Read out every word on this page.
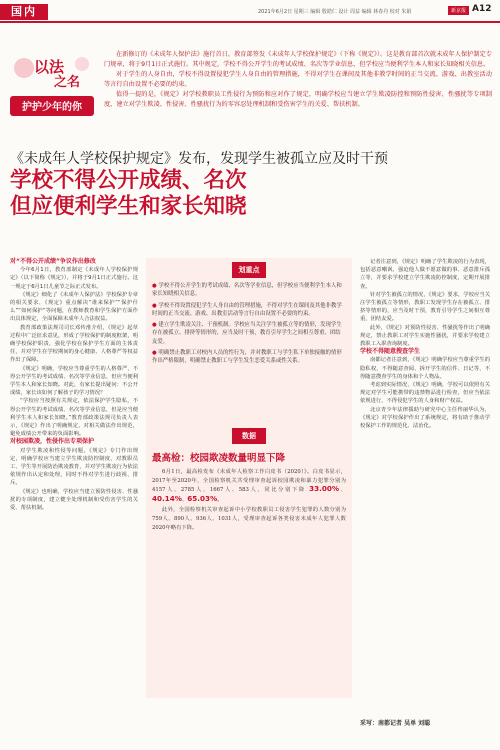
国内	2021年6月2日 星期三 编辑 殷皓仁 设计 周益 编辑 林春丹 校对 朱娟	新京报 A12
以法
之名
护护少年的你

在新修订的《未成年人保护法》施行首日，教育部签发《未成年人学校保护规定》（下称《规定》）。这是教育部首次就未成年人保护制定专门规章，将于9月1日正式施行。其中规定，学校不得公开学生的考试成绩、名次等学业信息，但学校应当便利学生本人和家长知晓相关信息。

对于学生的人身自由，学校不得设置侵犯学生人身自由的管理措施，不得对学生在课间及其他非教学时间的正当交流、游戏、出教室活动等言行自由设置不必要的约束。

值得一提的是，《规定》对学校教职员工性侵行为预防和应对作了规定，明确学校应当建立学生欺凌防控和预防性侵害、性骚扰等专项制度，建立对学生欺凌、性侵害、性骚扰行为的零容忍处理机制和受伤害学生的关爱、帮扶机制。

《未成年人学校保护规定》发布，发现学生被孤立应及时干预
学校不得公开成绩、名次
但应便利学生和家长知晓

对“不得公开成绩”争议作出修改

今年6月1日，教育部制定《未成年人学校保护规定》（以下简称《规定》），并将于9月1日正式施行。这一规定于6月1日儿童节之际正式发布。

《规定》细化了《未成年人保护法》学校保护专章的相关要求，《规定》重点解决“谁来保护”“保护什么”“如何保护”等问题，在教师教育和学生保护方面作出具体规定，全面保障未成年人合法权益。

教育部政策法规司司长邓传淮介绍，《规定》起草过程中广泛征求意见，形成了学校保护的制度框架，明确学校保护职责，强化学校在保护学生方面的主体责任，并对学生在学校期间的身心健康、人格尊严等权益作出了保障。

《规定》明确，学校应当尊重学生的人格尊严，不得公开学生的考试成绩、名次等学业信息，但应当便利学生本人和家长知晓。对此，有家长提出疑问：不公开成绩，家长该如何了解孩子的学习情况？

“学校应当按照有关规定，依法保护学生隐私，不得公开学生的考试成绩、名次等学业信息，但是应当便利学生本人和家长知晓。”教育部政策法规司负责人表示，《规定》作出了明确规定，对相关做法作出规范，避免成绩公开带来的负面影响。

对校园欺凌，性侵作出专项保护

对学生欺凌和性侵等问题，《规定》专门作出规定，明确学校应当建立学生欺凌防控制度，对教职员工、学生等开展防治欺凌教育，并对学生欺凌行为依法依规作出认定和处理，同时不得对学生进行歧视、排斥。

《规定》也明确，学校应当建立预防性侵害、性骚扰的专项制度，建立健全处理机制和受伤害学生的关爱、帮扶机制。

划重点
● 学校不得公开学生的考试成绩、名次等学业信息，但学校应当便利学生本人和家长知晓相关信息。
● 学校不得设置侵犯学生人身自由的管理措施，不得对学生在课间及其他非教学时间的正当交流、游戏、出教室活动等言行自由设置不必要的约束。
● 建立学生欺凌关注、干预机制。学校应当关注学生被孤立等的情形，发现学生存在被孤立、排挤等情形的，应当及时干预，教育引导学生之间相互尊重、团结友爱。
● 明确禁止教职工对校内人员的性行为，并对教职工与学生私下单独接触的情形作出严格限制，明确禁止教职工与学生发生恋爱关系或性关系。
数据
最高检：校园欺凌数量明显下降

6月1日，最高检发布《未成年人检察工作白皮书（2020）》。白皮书显示，2017年至2020年，全国检察机关共受理审查起诉校园欺凌和暴力犯罪分别为4157人、2785人、1667人、583人，同比分别下降 33.00%、40.14%、65.03%。

此外，全国检察机关审查起诉中小学校教职员工侵害学生犯罪的人数分别为759人、890人、936人、1031人，受理审查起诉各类侵害未成年人犯罪人数2020年略有下降。

记者注意到，《规定》明确了学生欺凌的行为表现，包括恶意嘲讽、强迫他人做不愿意做的事、恶意排斥孤立等，并要求学校建立学生欺凌防控制度，定期开展排查。

针对学生被孤立的情况，《规定》要求，学校应当关注学生被孤立等情形，教职工发现学生存在被孤立、排挤等情形的，应当及时干预，教育引导学生之间相互尊重，团结友爱。

此外，《规定》对预防性侵害、性骚扰等作出了明确规定，禁止教职工对学生实施性骚扰，并要求学校建立教职工入职查询制度。

学校不得随意搜查学生

南都记者注意到，《规定》明确学校应当尊重学生的隐私权，不得随意查阅、拆开学生的信件、日记等，不得随意搜查学生的身体和个人物品。

考虑到实际情况，《规定》明确，学校可以依照有关规定对学生可能携带的违禁物品进行检查，但应当依法依规进行，不得侵犯学生的人身和财产权益。

北京青少年法律援助与研究中心主任佟丽华认为，《规定》对学校保护作出了系统规定，将有助于推动学校保护工作的规范化、法治化。

采写：南都记者 吴单 刘聪
